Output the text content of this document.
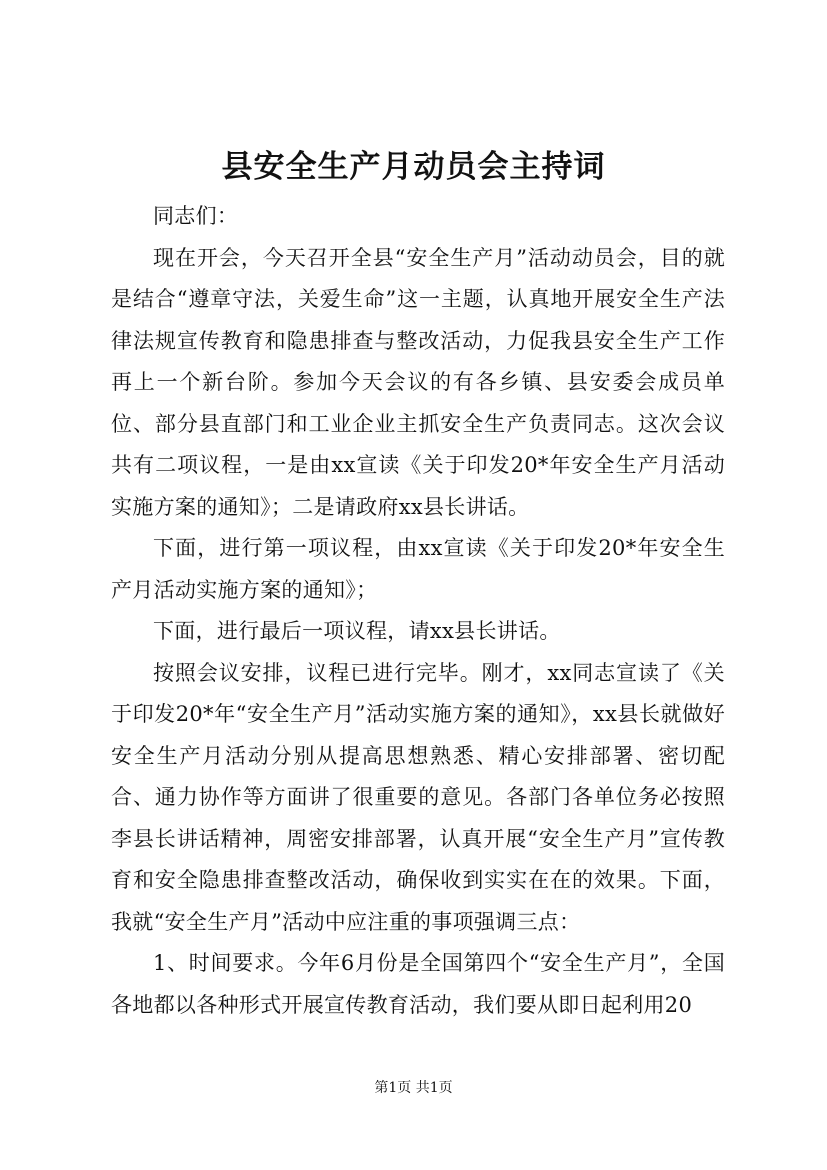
县安全生产月动员会主持词

同志们：

现在开会，今天召开全县“安全生产月”活动动员会，目的就是结合“遵章守法，关爱生命”这一主题，认真地开展安全生产法律法规宣传教育和隐患排查与整改活动，力促我县安全生产工作再上一个新台阶。参加今天会议的有各乡镇、县安委会成员单位、部分县直部门和工业企业主抓安全生产负责同志。这次会议共有二项议程，一是由xx宣读《关于印发20*年安全生产月活动实施方案的通知》；二是请政府xx县长讲话。

下面，进行第一项议程，由xx宣读《关于印发20*年安全生产月活动实施方案的通知》；

下面，进行最后一项议程，请xx县长讲话。

按照会议安排，议程已进行完毕。刚才，xx同志宣读了《关于印发20*年“安全生产月”活动实施方案的通知》，xx县长就做好安全生产月活动分别从提高思想熟悉、精心安排部署、密切配合、通力协作等方面讲了很重要的意见。各部门各单位务必按照李县长讲话精神，周密安排部署，认真开展“安全生产月”宣传教育和安全隐患排查整改活动，确保收到实实在在的效果。下面，我就“安全生产月”活动中应注重的事项强调三点：

1、时间要求。今年6月份是全国第四个“安全生产月”，全国各地都以各种形式开展宣传教育活动，我们要从即日起利用20

第1页 共1页
